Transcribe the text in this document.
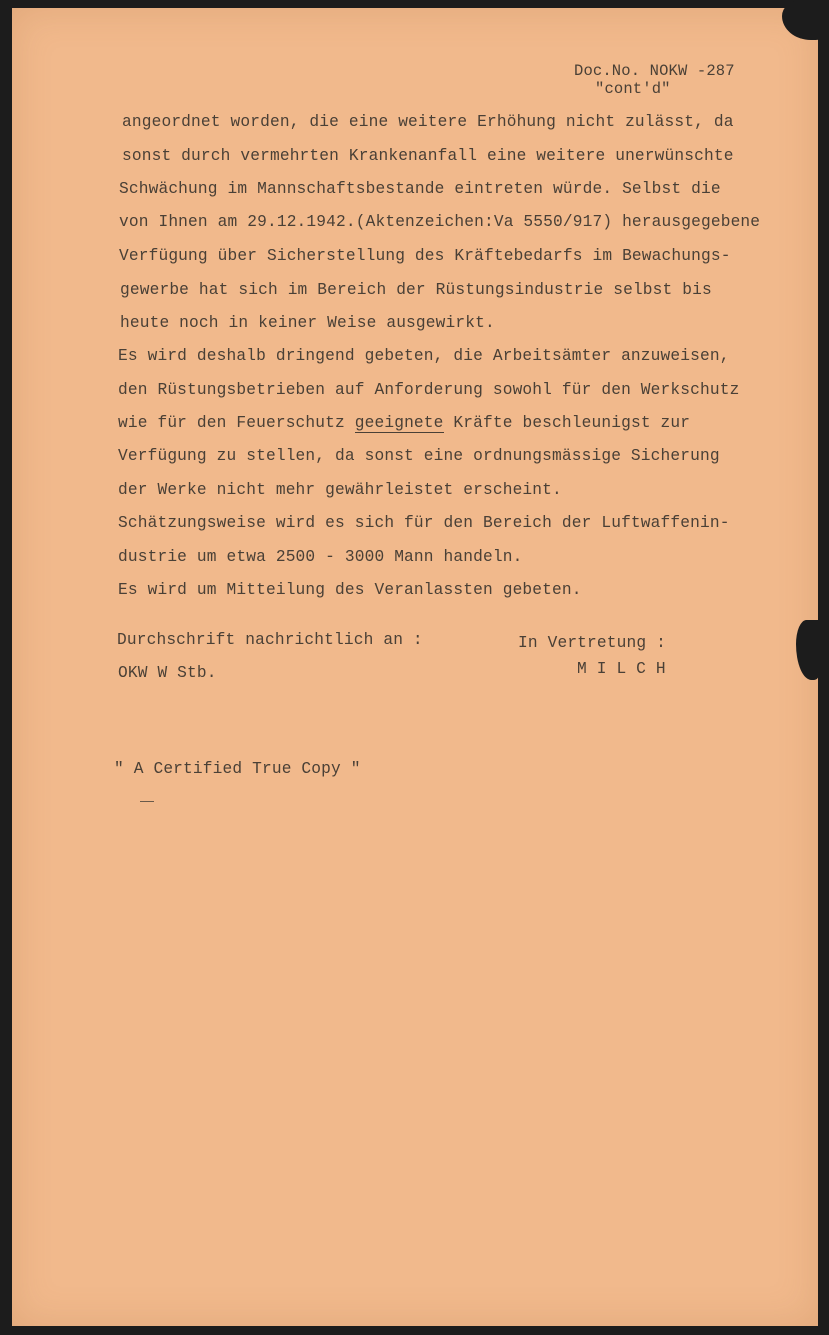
Doc.No. NOKW -287
"cont'd"
angeordnet worden, die eine weitere Erhöhung nicht zulässt, da
sonst durch vermehrten Krankenanfall eine weitere unerwünschte
Schwächung im Mannschaftsbestande eintreten würde. Selbst die
von Ihnen am 29.12.1942.(Aktenzeichen:Va 5550/917) herausgegebene
Verfügung über Sicherstellung des Kräftebedarfs im Bewachungs-
gewerbe hat sich im Bereich der Rüstungsindustrie selbst bis
heute noch in keiner Weise ausgewirkt.
Es wird deshalb dringend gebeten, die Arbeitsämter anzuweisen,
den Rüstungsbetrieben auf Anforderung sowohl für den Werkschutz
wie für den Feuerschutz geeignete Kräfte beschleunigst zur
Verfügung zu stellen, da sonst eine ordnungsmässige Sicherung
der Werke nicht mehr gewährleistet erscheint.
Schätzungsweise wird es sich für den Bereich der Luftwaffenin-
dustrie um etwa 2500 - 3000 Mann handeln.
Es wird um Mitteilung des Veranlassten gebeten.
Durchschrift nachrichtlich an :
OKW W Stb.
In Vertretung :
M I L C H
" A Certified True Copy "
